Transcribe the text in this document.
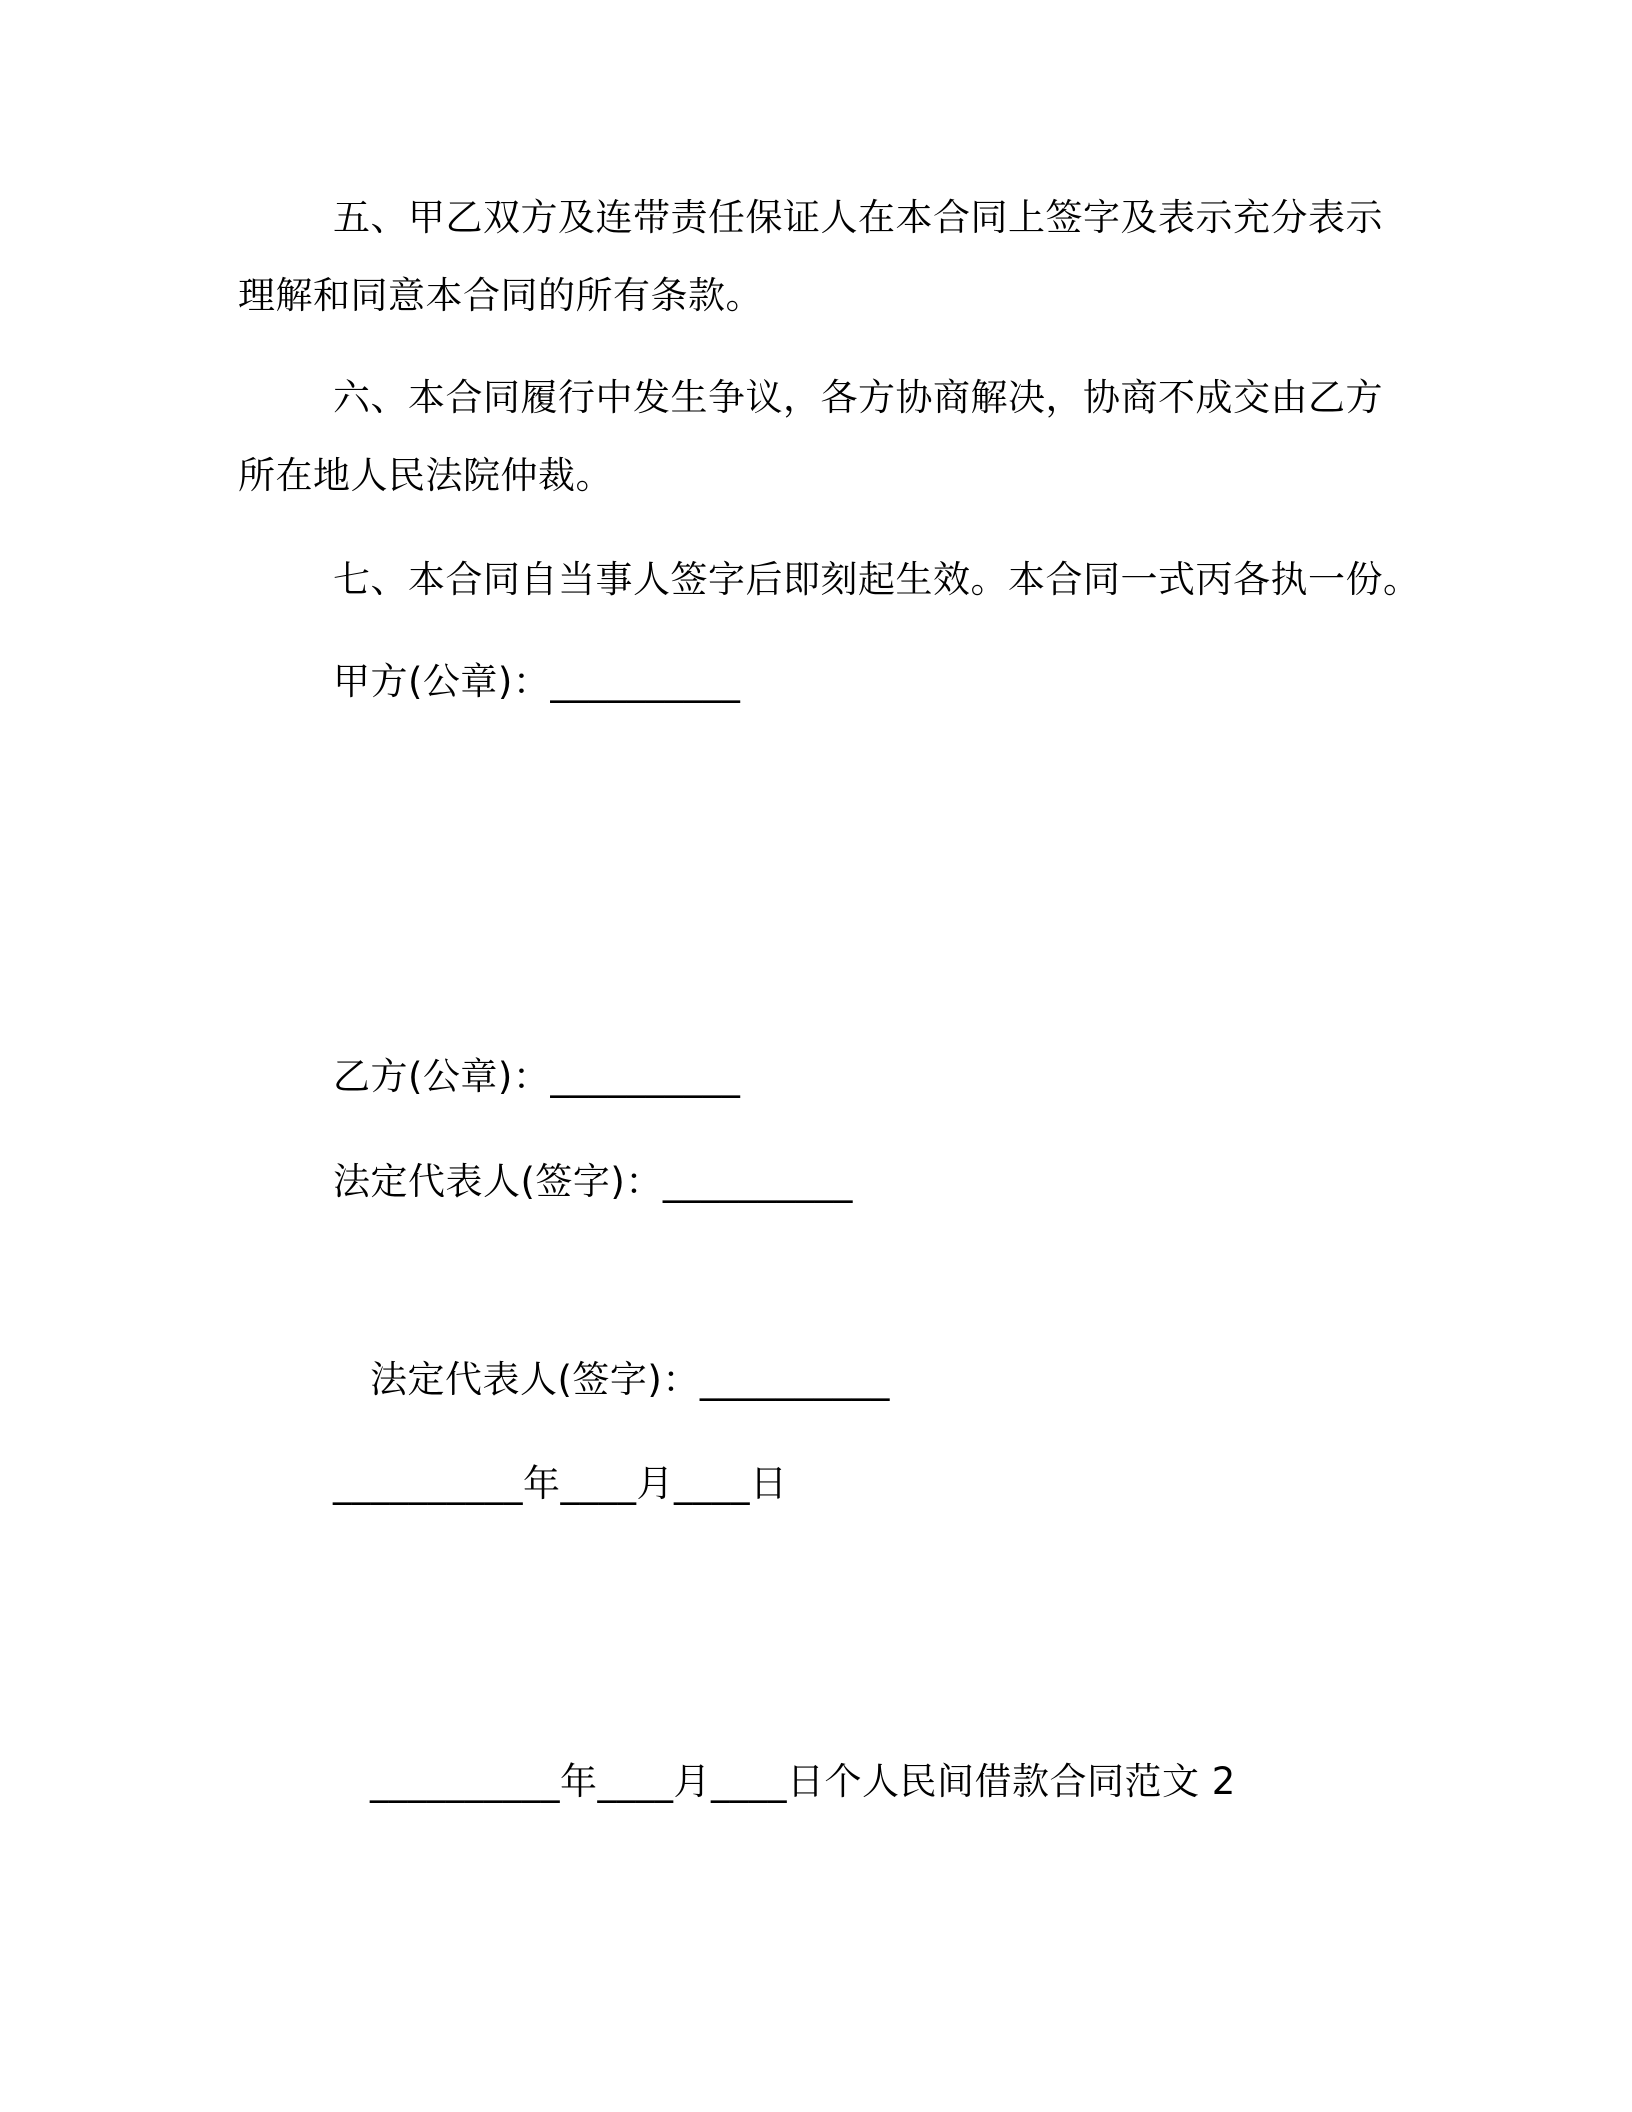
五、甲乙双方及连带责任保证人在本合同上签字及表示充分表示
理解和同意本合同的所有条款。
六、本合同履行中发生争议，各方协商解决，协商不成交由乙方
所在地人民法院仲裁。
七、本合同自当事人签字后即刻起生效。本合同一式丙各执一份。
甲方(公章)：__________
乙方(公章)：__________
法定代表人(签字)：__________
法定代表人(签字)：__________
__________年____月____日
__________年____月____日个人民间借款合同范文 2
